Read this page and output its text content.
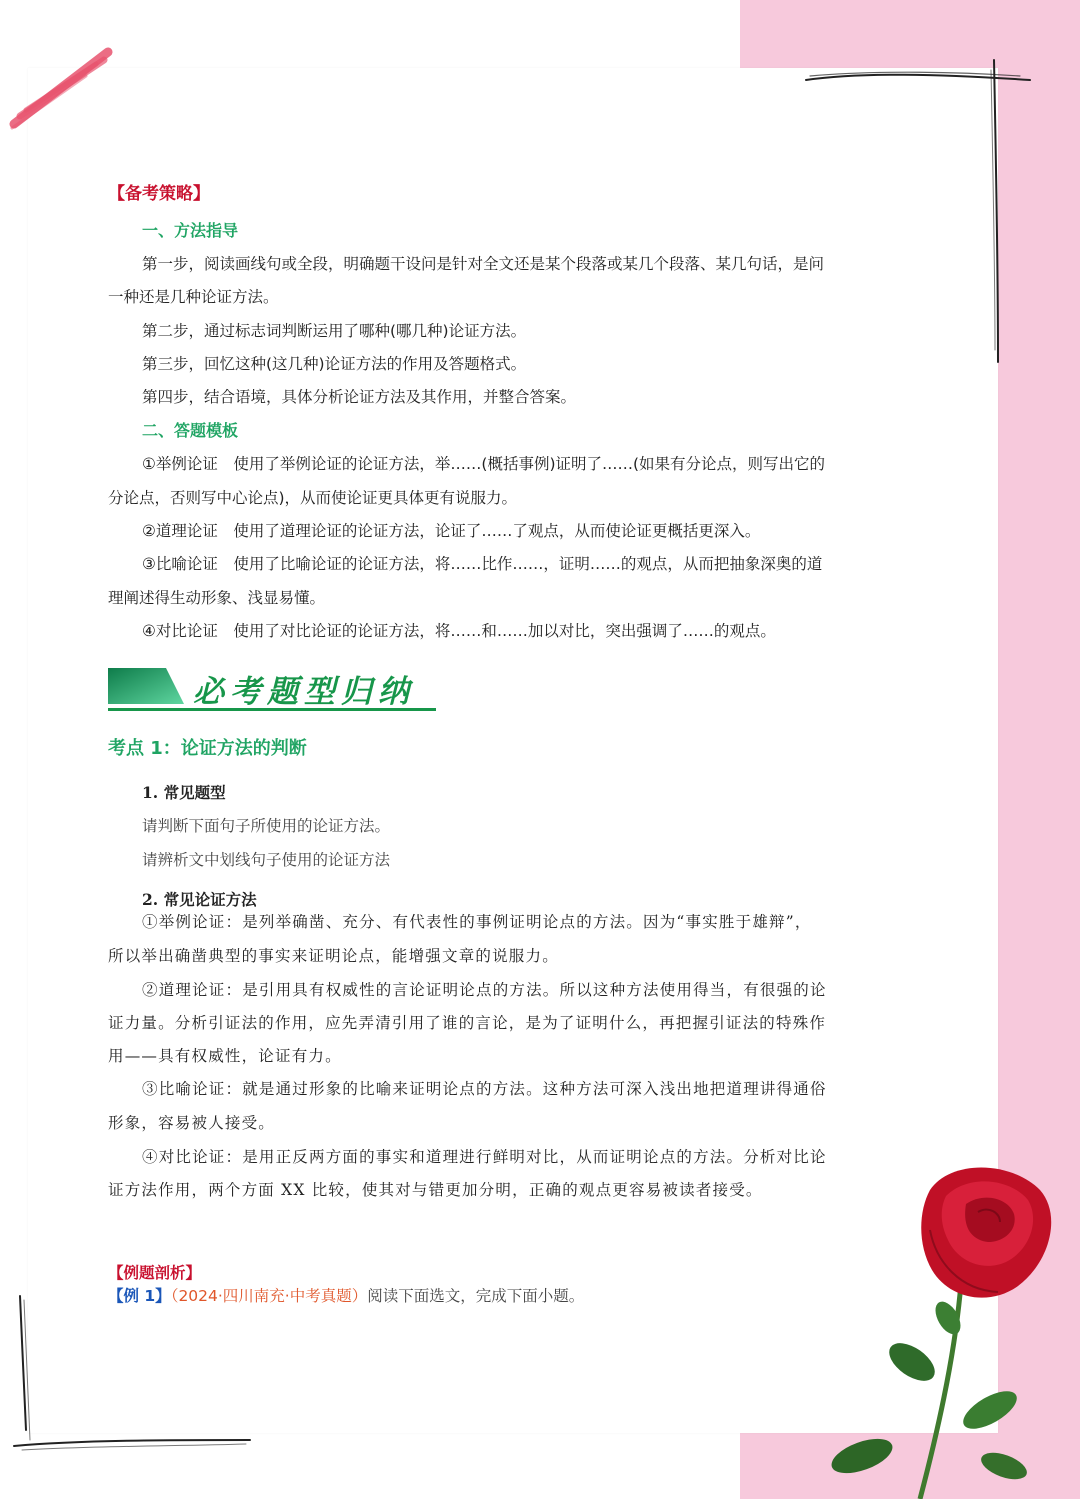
【备考策略】
一、方法指导
第一步，阅读画线句或全段，明确题干设问是针对全文还是某个段落或某几个段落、某几句话，是问
一种还是几种论证方法。
第二步，通过标志词判断运用了哪种(哪几种)论证方法。
第三步，回忆这种(这几种)论证方法的作用及答题格式。
第四步，结合语境，具体分析论证方法及其作用，并整合答案。
二、答题模板
①举例论证　使用了举例论证的论证方法，举……(概括事例)证明了……(如果有分论点，则写出它的
分论点，否则写中心论点)，从而使论证更具体更有说服力。
②道理论证　使用了道理论证的论证方法，论证了……了观点，从而使论证更概括更深入。
③比喻论证　使用了比喻论证的论证方法，将……比作……，证明……的观点，从而把抽象深奥的道
理阐述得生动形象、浅显易懂。
④对比论证　使用了对比论证的论证方法，将……和……加以对比，突出强调了……的观点。
必考题型归纳
考点 1：论证方法的判断
1. 常见题型
请判断下面句子所使用的论证方法。
请辨析文中划线句子使用的论证方法
2. 常见论证方法
①举例论证：是列举确凿、充分、有代表性的事例证明论点的方法。因为“事实胜于雄辩”，
所以举出确凿典型的事实来证明论点，能增强文章的说服力。
②道理论证：是引用具有权威性的言论证明论点的方法。所以这种方法使用得当，有很强的论
证力量。分析引证法的作用，应先弄清引用了谁的言论，是为了证明什么，再把握引证法的特殊作
用——具有权威性，论证有力。
③比喻论证：就是通过形象的比喻来证明论点的方法。这种方法可深入浅出地把道理讲得通俗
形象，容易被人接受。
④对比论证：是用正反两方面的事实和道理进行鲜明对比，从而证明论点的方法。分析对比论
证方法作用，两个方面 XX 比较，使其对与错更加分明，正确的观点更容易被读者接受。
【例题剖析】
【例 1】（2024·四川南充·中考真题）阅读下面选文，完成下面小题。
